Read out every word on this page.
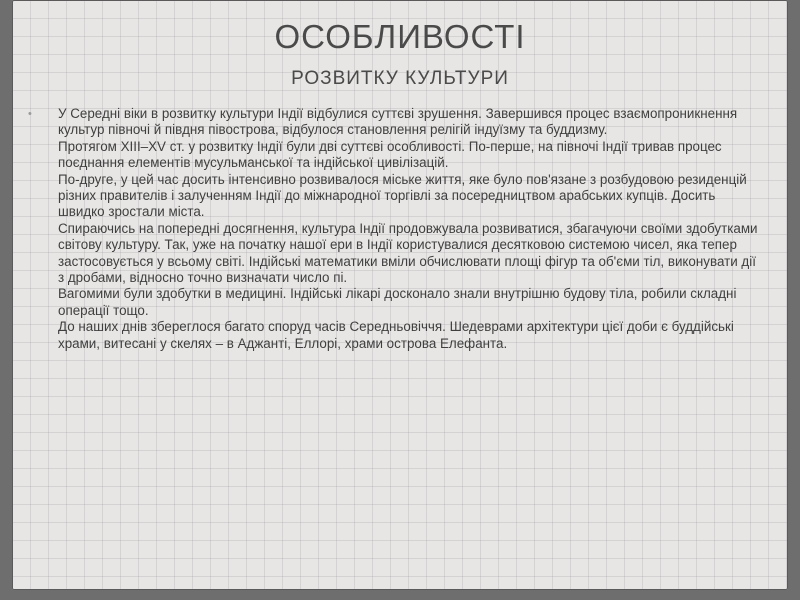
ОСОБЛИВОСТІ
РОЗВИТКУ КУЛЬТУРИ
•	У Середні віки в розвитку культури Індії відбулися суттєві зрушення. Завершився процес взаємопроникнення культур півночі й півдня півострова, відбулося становлення релігій індуїзму та буддизму.

Протягом XIII–XV ст. у розвитку Індії були дві суттєві особливості. По-перше, на півночі Індії тривав процес поєднання елементів мусульманської та індійської цивілізацій.

По-друге, у цей час досить інтенсивно розвивалося міське життя, яке було пов'язане з розбудовою резиденцій різних правителів і залученням Індії до міжнародної торгівлі за посередництвом арабських купців. Досить швидко зростали міста.

Спираючись на попередні досягнення, культура Індії продовжувала розвиватися, збагачуючи своїми здобутками світову культуру. Так, уже на початку нашої ери в Індії користувалися десятковою системою чисел, яка тепер застосовується у всьому світі. Індійські математики вміли обчислювати площі фігур та об'єми тіл, виконувати дії з дробами, відносно точно визначати число пі.

Вагомими були здобутки в медицині. Індійські лікарі досконало знали внутрішню будову тіла, робили складні операції тощо.

До наших днів збереглося багато споруд часів Середньовіччя. Шедеврами архітектури цієї доби є буддійські храми, витесані у скелях – в Аджанті, Еллорі, храми острова Елефанта.
